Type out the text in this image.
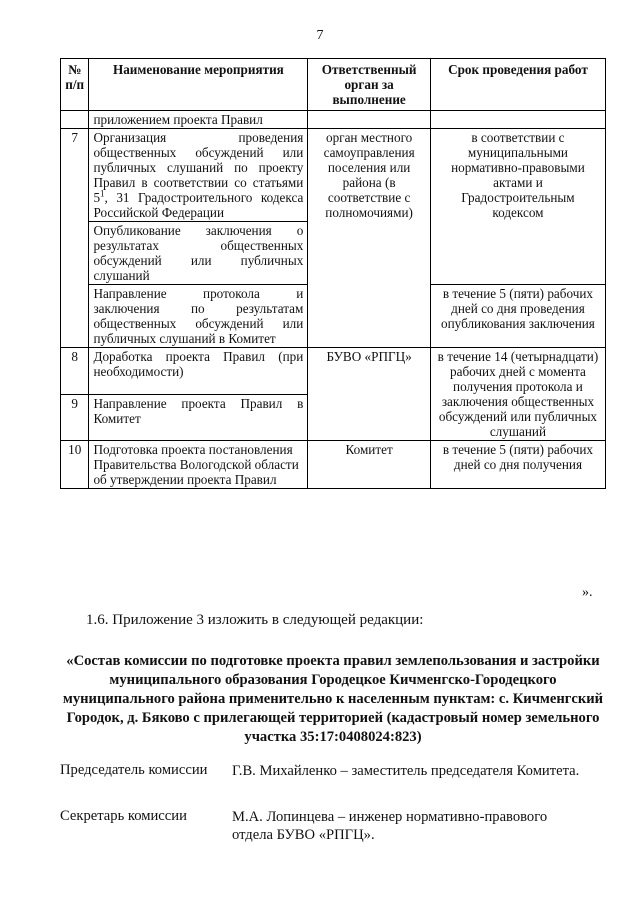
7
№ п/п	Наименование мероприятия	Ответственный орган за выполнение	Срок проведения работ
	приложением проекта Правил		
7	Организация проведения общественных обсуждений или публичных слушаний по проекту Правил в соответствии со статьями $5^1$, 31 Градостроительного кодекса Российской Федерации	орган местного самоуправления поселения или района (в соответствие с полномочиями)	в соответствии с муниципальными нормативно-правовыми актами и Градостроительным кодексом
	Опубликование заключения о результатах общественных обсуждений или публичных слушаний		
	Направление протокола и заключения по результатам общественных обсуждений или публичных слушаний в Комитет		в течение 5 (пяти) рабочих дней со дня проведения опубликования заключения
8	Доработка проекта Правил (при необходимости)	БУВО «РПГЦ»	в течение 14 (четырнадцати) рабочих дней с момента получения протокола и заключения общественных обсуждений или публичных слушаний
9	Направление проекта Правил в Комитет		
10	Подготовка проекта постановления Правительства Вологодской области об утверждении проекта Правил	Комитет	в течение 5 (пяти) рабочих дней со дня получения
».
1.6. Приложение 3 изложить в следующей редакции:
«Состав комиссии по подготовке проекта правил землепользования и застройки муниципального образования Городецкое Кичменгско-Городецкого муниципального района применительно к населенным пунктам: с. Кичменгский Городок, д. Бяково с прилегающей территорией (кадастровый номер земельного участка 35:17:0408024:823)
Председатель комиссии Г.В. Михайленко – заместитель председателя Комитета.
Секретарь комиссии	М.А. Лопинцева – инженер нормативно-правового отдела БУВО «РПГЦ».
